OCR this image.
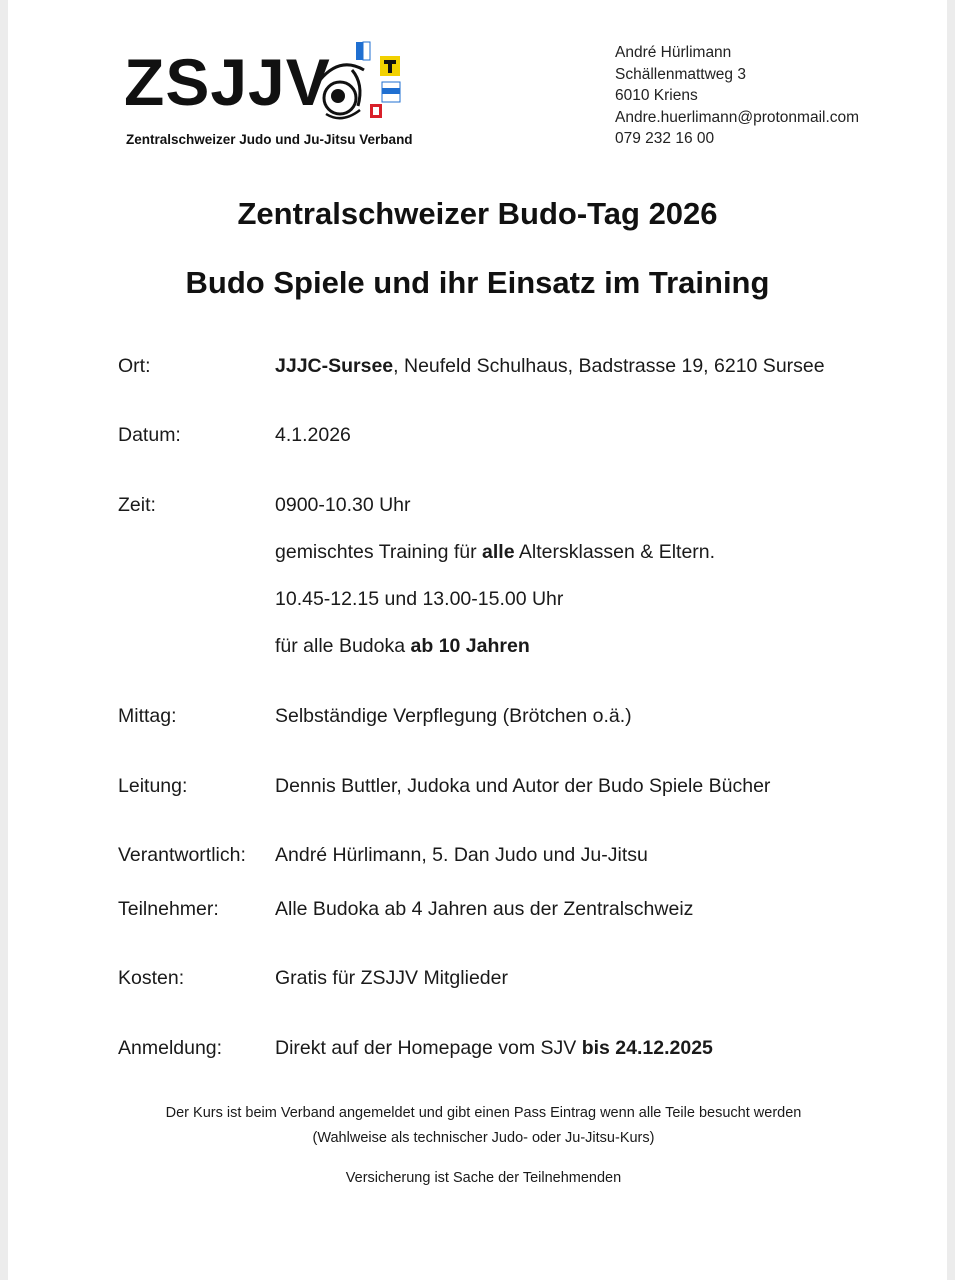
ZSJJV
Zentralschweizer Judo und Ju-Jitsu Verband
André Hürlimann
Schällenmattweg 3
6010 Kriens
Andre.huerlimann@protonmail.com
079 232 16 00
Zentralschweizer Budo-Tag 2026
Budo Spiele und ihr Einsatz im Training
Ort:	JJJC-Sursee, Neufeld Schulhaus, Badstrasse 19, 6210 Sursee
Datum:	4.1.2026
Zeit:	0900-10.30 Uhr
gemischtes Training für alle Altersklassen & Eltern.
10.45-12.15 und 13.00-15.00 Uhr
für alle Budoka ab 10 Jahren
Mittag:	Selbständige Verpflegung (Brötchen o.ä.)
Leitung:	Dennis Buttler, Judoka und Autor der Budo Spiele Bücher
Verantwortlich: André Hürlimann, 5. Dan Judo und Ju-Jitsu
Teilnehmer:	Alle Budoka ab 4 Jahren aus der Zentralschweiz
Kosten:	Gratis für ZSJJV Mitglieder
Anmeldung:	Direkt auf der Homepage vom SJV bis 24.12.2025
Der Kurs ist beim Verband angemeldet und gibt einen Pass Eintrag wenn alle Teile besucht werden
(Wahlweise als technischer Judo- oder Ju-Jitsu-Kurs)
Versicherung ist Sache der Teilnehmenden
